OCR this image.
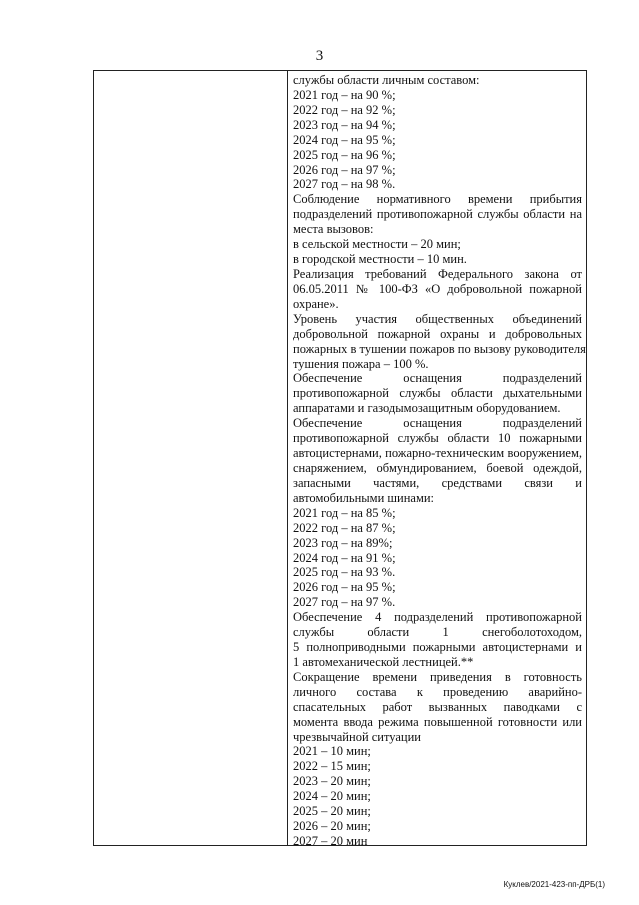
3
службы области личным составом:
2021 год – на 90 %;
2022 год – на 92 %;
2023 год – на 94 %;
2024 год – на 95 %;
2025 год – на 96 %;
2026 год – на 97 %;
2027 год – на 98 %.
Соблюдение нормативного времени прибытия
подразделений противопожарной службы области на
места вызовов:
в сельской местности – 20 мин;
в городской местности – 10 мин.
Реализация требований Федерального закона от
06.05.2011 № 100-ФЗ «О добровольной пожарной
охране».
Уровень участия общественных объединений
добровольной пожарной охраны и добровольных
пожарных в тушении пожаров по вызову руководителя
тушения пожара – 100 %.
Обеспечение оснащения подразделений
противопожарной службы области дыхательными
аппаратами и газодымозащитным оборудованием.
Обеспечение оснащения подразделений
противопожарной службы области 10 пожарными
автоцистернами, пожарно-техническим вооружением,
снаряжением, обмундированием, боевой одеждой,
запасными частями, средствами связи и
автомобильными шинами:
2021 год – на 85 %;
2022 год – на 87 %;
2023 год – на 89%;
2024 год – на 91 %;
2025 год – на 93 %.
2026 год – на 95 %;
2027 год – на 97 %.
Обеспечение 4 подразделений противопожарной
службы области 1 снегоболотоходом,
5 полноприводными пожарными автоцистернами и
1 автомеханической лестницей.**
Сокращение времени приведения в готовность
личного состава к проведению аварийно-
спасательных работ вызванных паводками с
момента ввода режима повышенной готовности или
чрезвычайной ситуации
2021 – 10 мин;
2022 – 15 мин;
2023 – 20 мин;
2024 – 20 мин;
2025 – 20 мин;
2026 – 20 мин;
2027 – 20 мин
Куклев/2021-423-пп-ДРБ(1)
